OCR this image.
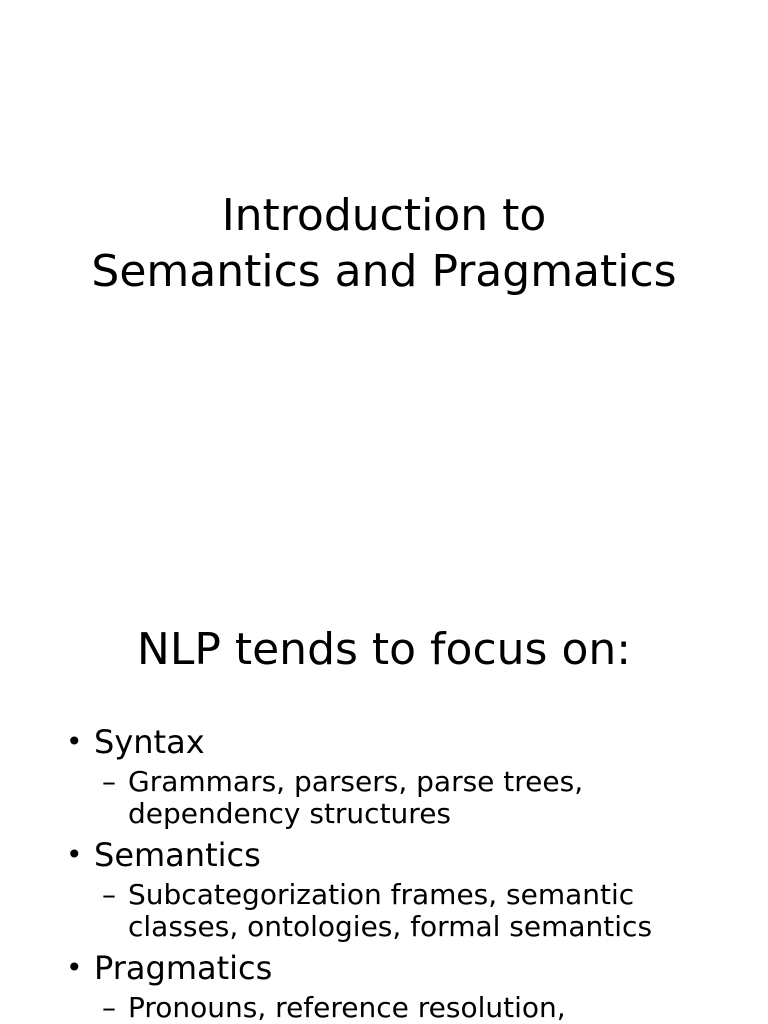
Introduction to
Semantics and Pragmatics
NLP tends to focus on:
• Syntax
– Grammars, parsers, parse trees,
dependency structures
• Semantics
– Subcategorization frames, semantic
classes, ontologies, formal semantics
• Pragmatics
– Pronouns, reference resolution,
